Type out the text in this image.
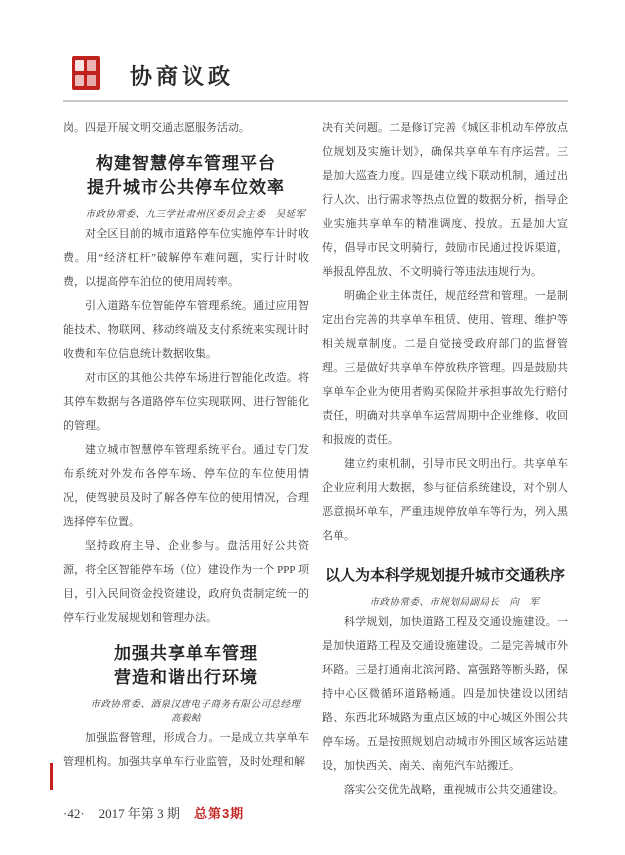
协商议政

岗。四是开展文明交通志愿服务活动。

构建智慧停车管理平台
提升城市公共停车位效率

市政协常委、九三学社肃州区委员会主委　吴延军

对全区目前的城市道路停车位实施停车计时收费。用“经济杠杆”破解停车难问题，实行计时收费，以提高停车泊位的使用周转率。

引入道路车位智能停车管理系统。通过应用智能技术、物联网、移动终端及支付系统来实现计时收费和车位信息统计数据收集。

对市区的其他公共停车场进行智能化改造。将其停车数据与各道路停车位实现联网、进行智能化的管理。

建立城市智慧停车管理系统平台。通过专门发布系统对外发布各停车场、停车位的车位使用情况，使驾驶员及时了解各停车位的使用情况，合理选择停车位置。

坚持政府主导、企业参与。盘活用好公共资源，将全区智能停车场（位）建设作为一个 PPP 项目，引入民间资金投资建设，政府负责制定统一的停车行业发展规划和管理办法。

加强共享单车管理
营造和谐出行环境

市政协常委、酒泉汉唐电子商务有限公司总经理　高毅鲒

加强监督管理，形成合力。一是成立共享单车管理机构。加强共享单车行业监管，及时处理和解

决有关问题。二是修订完善《城区非机动车停放点位规划及实施计划》，确保共享单车有序运营。三是加大巡查力度。四是建立线下联动机制，通过出行人次、出行需求等热点位置的数据分析，指导企业实施共享单车的精准调度、投放。五是加大宣传，倡导市民文明骑行，鼓励市民通过投诉渠道，举报乱停乱放、不文明骑行等违法违规行为。

明确企业主体责任，规范经营和管理。一是制定出台完善的共享单车租赁、使用、管理、维护等相关规章制度。二是自觉接受政府部门的监督管理。三是做好共享单车停放秩序管理。四是鼓励共享单车企业为使用者购买保险并承担事故先行赔付责任，明确对共享单车运营周期中企业维修、收回和报废的责任。

建立约束机制，引导市民文明出行。共享单车企业应利用大数据，参与征信系统建设，对个别人恶意损坏单车，严重违规停放单车等行为，列入黑名单。

以人为本科学规划提升城市交通秩序

市政协常委、市规划局副局长　向　军

科学规划，加快道路工程及交通设施建设。一是加快道路工程及交通设施建设。二是完善城市外环路。三是打通南北滨河路、富强路等断头路，保持中心区微循环道路畅通。四是加快建设以团结路、东西北环城路为重点区域的中心城区外围公共停车场。五是按照规划启动城市外围区域客运站建设，加快西关、南关、南苑汽车站搬迁。

落实公交优先战略，重视城市公共交通建设。

·42· 2017 年第 3 期 总第3期
